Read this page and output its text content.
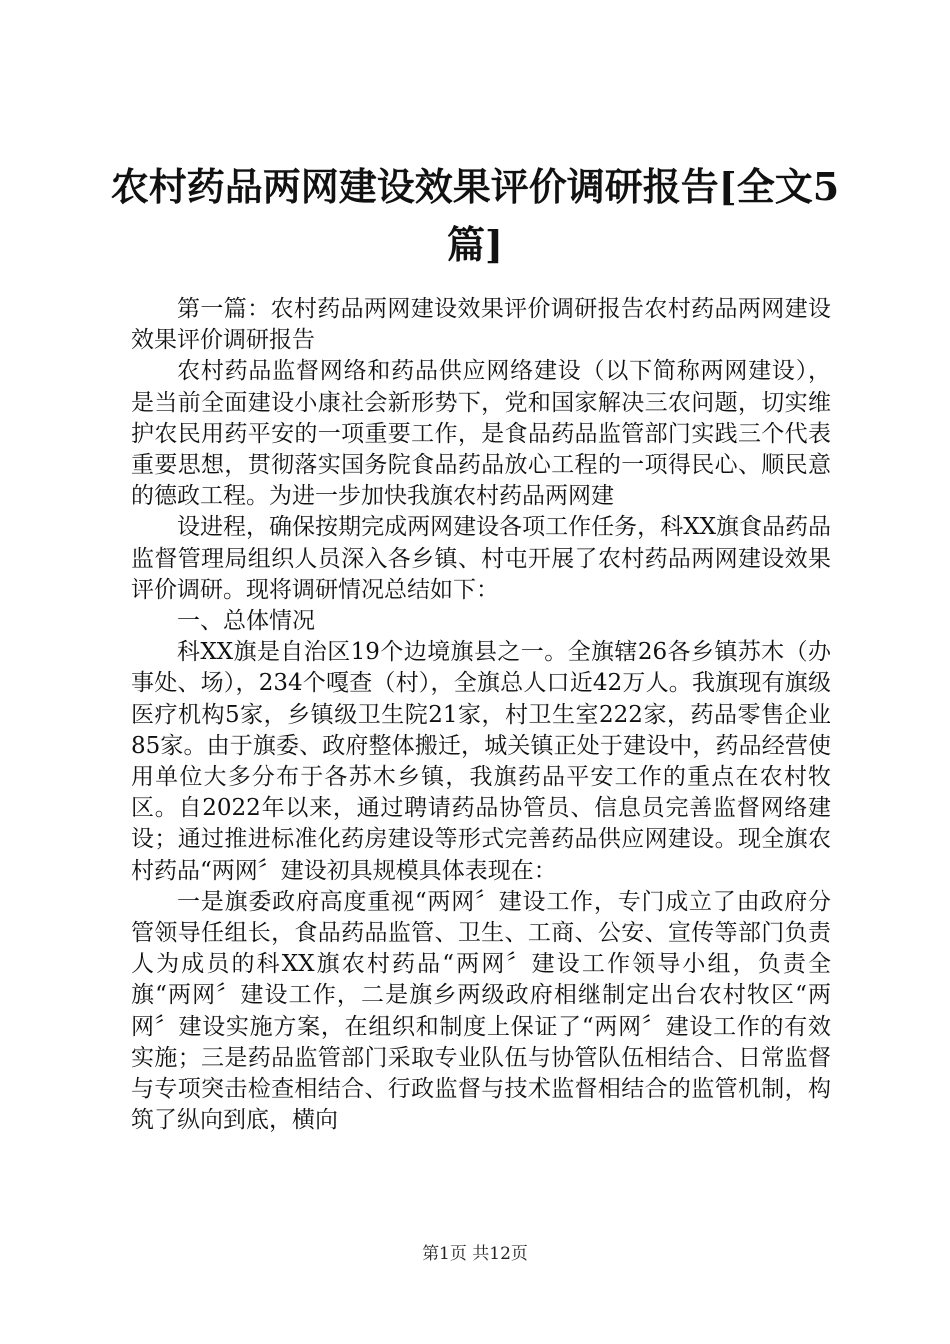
农村药品两网建设效果评价调研报告[全文5篇]

第一篇：农村药品两网建设效果评价调研报告农村药品两网建设效果评价调研报告

农村药品监督网络和药品供应网络建设（以下简称两网建设），是当前全面建设小康社会新形势下，党和国家解决三农问题，切实维护农民用药平安的一项重要工作，是食品药品监管部门实践三个代表重要思想，贯彻落实国务院食品药品放心工程的一项得民心、顺民意的德政工程。为进一步加快我旗农村药品两网建

设进程，确保按期完成两网建设各项工作任务，科XX旗食品药品监督管理局组织人员深入各乡镇、村屯开展了农村药品两网建设效果评价调研。现将调研情况总结如下：

一、总体情况

科XX旗是自治区19个边境旗县之一。全旗辖26各乡镇苏木（办事处、场），234个嘎查（村），全旗总人口近42万人。我旗现有旗级医疗机构5家，乡镇级卫生院21家，村卫生室222家，药品零售企业85家。由于旗委、政府整体搬迁，城关镇正处于建设中，药品经营使用单位大多分布于各苏木乡镇，我旗药品平安工作的重点在农村牧区。自2022年以来，通过聘请药品协管员、信息员完善监督网络建设；通过推进标准化药房建设等形式完善药品供应网建设。现全旗农村药品“两网〞建设初具规模具体表现在：

一是旗委政府高度重视“两网〞建设工作，专门成立了由政府分管领导任组长，食品药品监管、卫生、工商、公安、宣传等部门负责人为成员的科XX旗农村药品“两网〞建设工作领导小组，负责全旗“两网〞建设工作，二是旗乡两级政府相继制定出台农村牧区“两网〞建设实施方案，在组织和制度上保证了“两网〞建设工作的有效实施；三是药品监管部门采取专业队伍与协管队伍相结合、日常监督与专项突击检查相结合、行政监督与技术监督相结合的监管机制，构筑了纵向到底，横向

第1页 共12页
